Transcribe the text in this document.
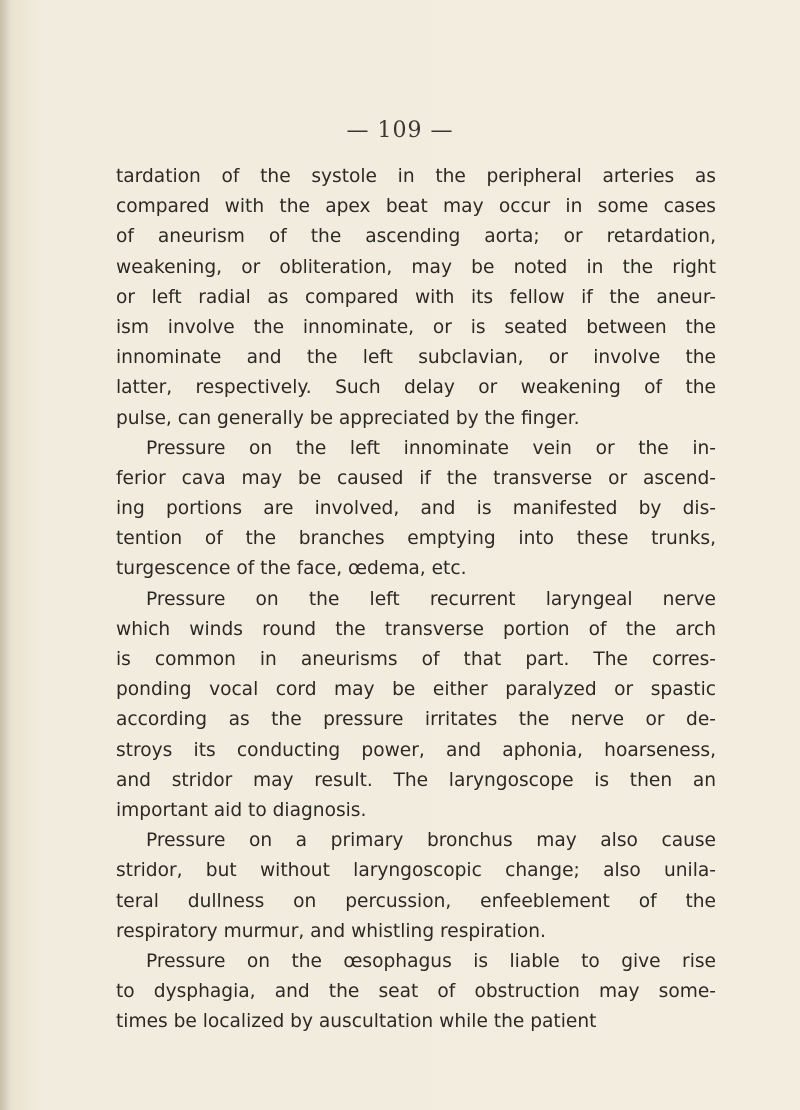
— 109 —
tardation of the systole in the peripheral arteries as
compared with the apex beat may occur in some cases
of aneurism of the ascending aorta; or retardation,
weakening, or obliteration, may be noted in the right
or left radial as compared with its fellow if the aneur-
ism involve the innominate, or is seated between the
innominate and the left subclavian, or involve the
latter, respectively. Such delay or weakening of the
pulse, can generally be appreciated by the finger.
Pressure on the left innominate vein or the in-
ferior cava may be caused if the transverse or ascend-
ing portions are involved, and is manifested by dis-
tention of the branches emptying into these trunks,
turgescence of the face, œdema, etc.
Pressure on the left recurrent laryngeal nerve
which winds round the transverse portion of the arch
is common in aneurisms of that part. The corres-
ponding vocal cord may be either paralyzed or spastic
according as the pressure irritates the nerve or de-
stroys its conducting power, and aphonia, hoarseness,
and stridor may result. The laryngoscope is then an
important aid to diagnosis.
Pressure on a primary bronchus may also cause
stridor, but without laryngoscopic change; also unila-
teral dullness on percussion, enfeeblement of the
respiratory murmur, and whistling respiration.
Pressure on the œsophagus is liable to give rise
to dysphagia, and the seat of obstruction may some-
times be localized by auscultation while the patient
